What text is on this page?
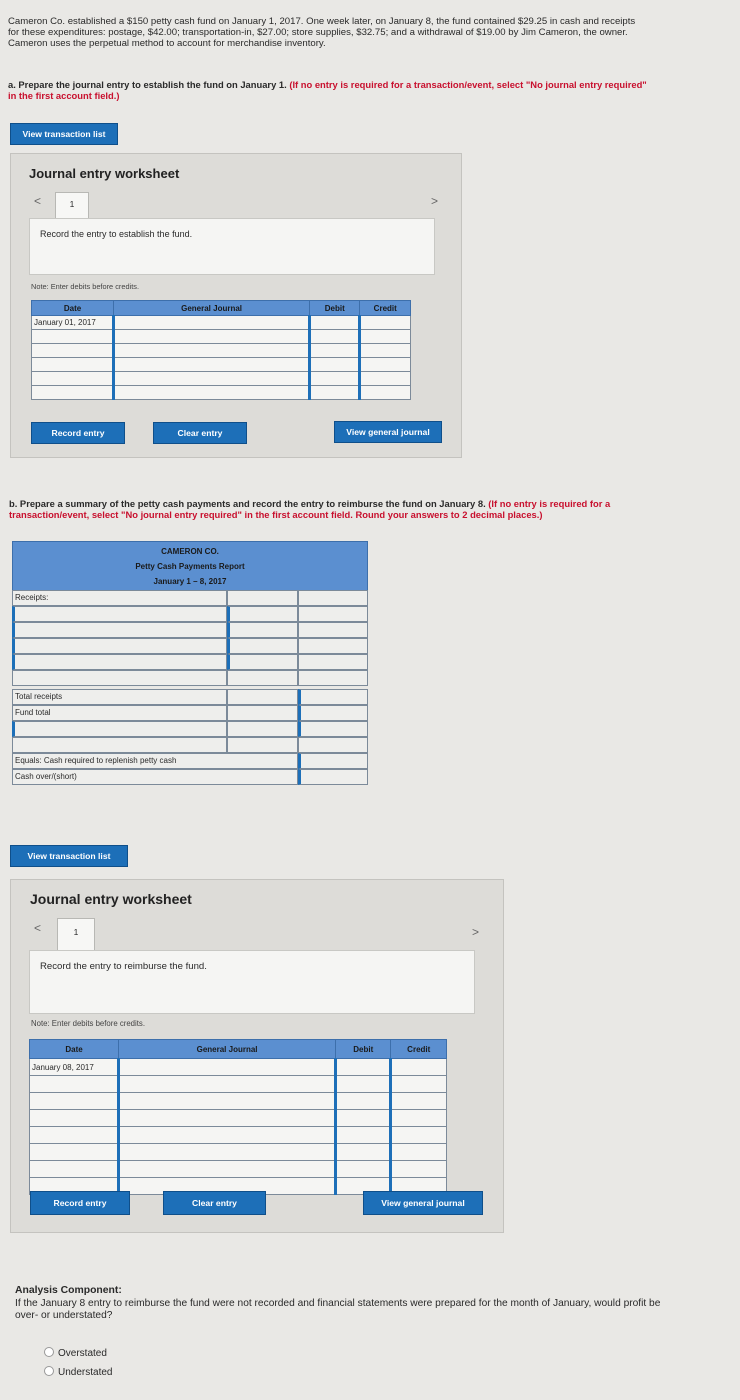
Cameron Co. established a $150 petty cash fund on January 1, 2017. One week later, on January 8, the fund contained $29.25 in cash and receipts for these expenditures: postage, $42.00; transportation-in, $27.00; store supplies, $32.75; and a withdrawal of $19.00 by Jim Cameron, the owner. Cameron uses the perpetual method to account for merchandise inventory.
a. Prepare the journal entry to establish the fund on January 1. (If no entry is required for a transaction/event, select "No journal entry required" in the first account field.)
View transaction list
Journal entry worksheet
<	1	>
Record the entry to establish the fund.
Note: Enter debits before credits.
Date	General Journal	Debit	Credit
January 01, 2017			

Record entry	Clear entry	View general journal
b. Prepare a summary of the petty cash payments and record the entry to reimburse the fund on January 8. (If no entry is required for a transaction/event, select "No journal entry required" in the first account field. Round your answers to 2 decimal places.)
CAMERON CO.
Petty Cash Payments Report
January 1 – 8, 2017
Receipts:
Total receipts
Fund total
Equals: Cash required to replenish petty cash
Cash over/(short)
View transaction list
Journal entry worksheet
<	1	>
Record the entry to reimburse the fund.
Note: Enter debits before credits.
Date	General Journal	Debit	Credit
January 08, 2017			

Record entry	Clear entry	View general journal
Analysis Component:
If the January 8 entry to reimburse the fund were not recorded and financial statements were prepared for the month of January, would profit be over- or understated?
Overstated
Understated
